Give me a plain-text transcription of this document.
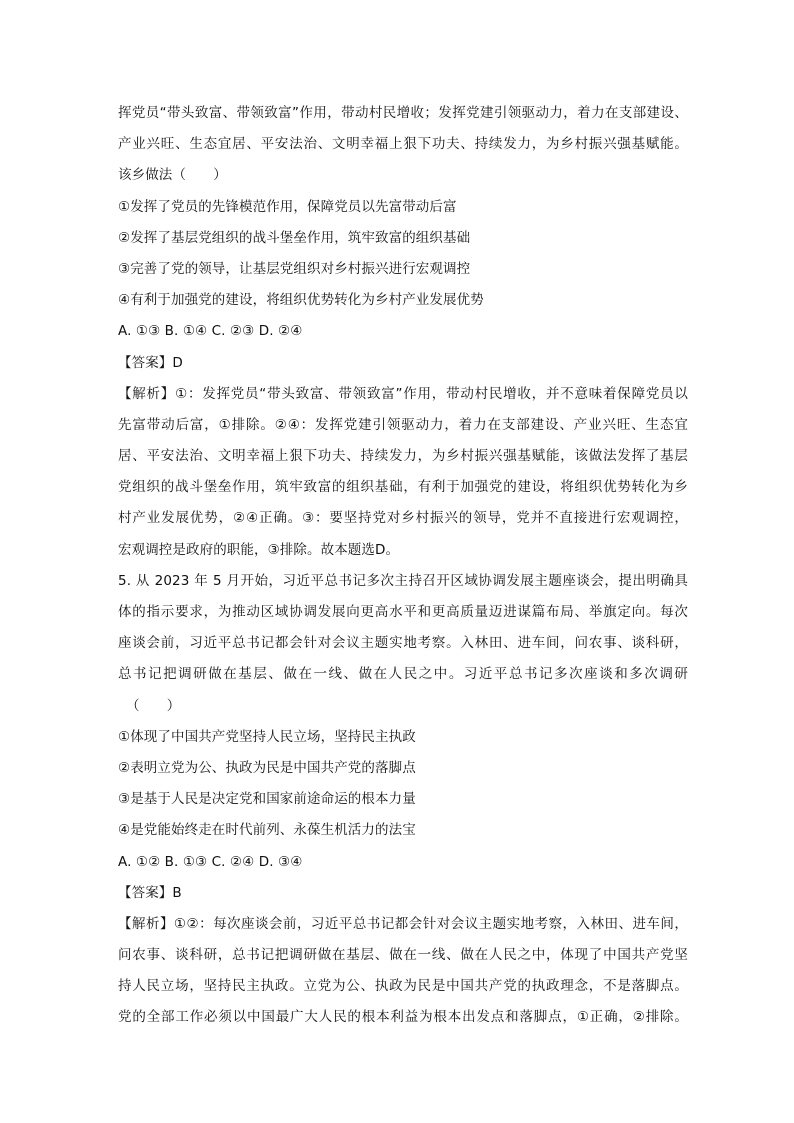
挥党员“带头致富、带领致富”作用，带动村民增收；发挥党建引领驱动力，着力在支部建设、
产业兴旺、生态宜居、平安法治、文明幸福上狠下功夫、持续发力，为乡村振兴强基赋能。
该乡做法（　　）
①发挥了党员的先锋模范作用，保障党员以先富带动后富
②发挥了基层党组织的战斗堡垒作用，筑牢致富的组织基础
③完善了党的领导，让基层党组织对乡村振兴进行宏观调控
④有利于加强党的建设，将组织优势转化为乡村产业发展优势
A. ①③ B. ①④ C. ②③ D. ②④
【答案】D
【解析】①：发挥党员“带头致富、带领致富”作用，带动村民增收，并不意味着保障党员以
先富带动后富，①排除。②④：发挥党建引领驱动力，着力在支部建设、产业兴旺、生态宜
居、平安法治、文明幸福上狠下功夫、持续发力，为乡村振兴强基赋能，该做法发挥了基层
党组织的战斗堡垒作用，筑牢致富的组织基础，有利于加强党的建设，将组织优势转化为乡
村产业发展优势，②④正确。③：要坚持党对乡村振兴的领导，党并不直接进行宏观调控，
宏观调控是政府的职能，③排除。故本题选D。
5. 从 2023 年 5 月开始，习近平总书记多次主持召开区域协调发展主题座谈会，提出明确具
体的指示要求，为推动区域协调发展向更高水平和更高质量迈进谋篇布局、举旗定向。每次
座谈会前，习近平总书记都会针对会议主题实地考察。入林田、进车间，问农事、谈科研，
总书记把调研做在基层、做在一线、做在人民之中。习近平总书记多次座谈和多次调研
（　　）
①体现了中国共产党坚持人民立场，坚持民主执政
②表明立党为公、执政为民是中国共产党的落脚点
③是基于人民是决定党和国家前途命运的根本力量
④是党能始终走在时代前列、永葆生机活力的法宝
A. ①② B. ①③ C. ②④ D. ③④
【答案】B
【解析】①②：每次座谈会前，习近平总书记都会针对会议主题实地考察，入林田、进车间，
问农事、谈科研，总书记把调研做在基层、做在一线、做在人民之中，体现了中国共产党坚
持人民立场，坚持民主执政。立党为公、执政为民是中国共产党的执政理念，不是落脚点。
党的全部工作必须以中国最广大人民的根本利益为根本出发点和落脚点，①正确，②排除。
